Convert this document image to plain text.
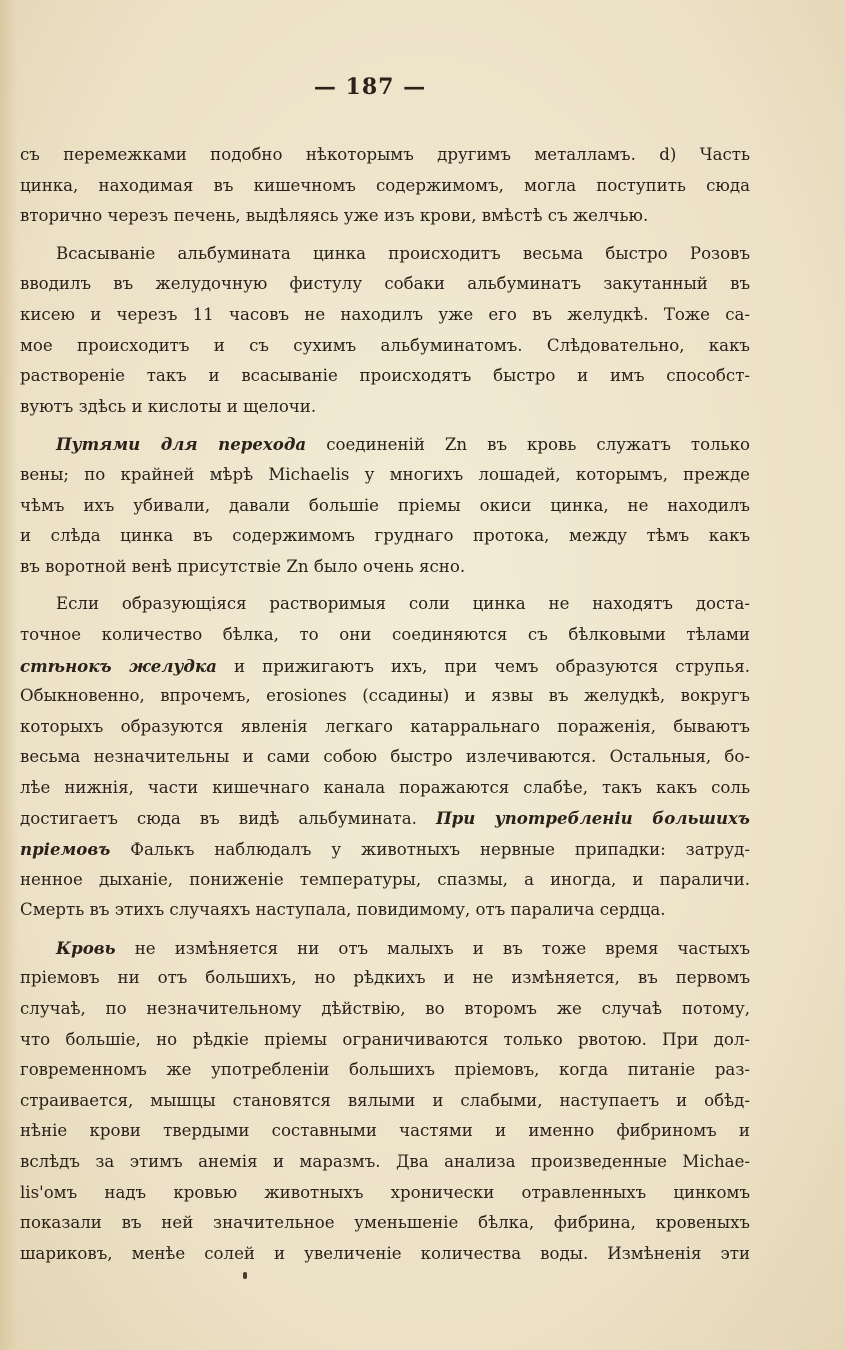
— 187 —

съ перемежками подобно нѣкоторымъ другимъ металламъ. d) Часть
цинка, находимая въ кишечномъ содержимомъ, могла поступить сюда
вторично черезъ печень, выдѣляясь уже изъ крови, вмѣстѣ съ желчью.

Всасываніе альбумината цинка происходитъ весьма быстро Розовъ
вводилъ въ желудочную фистулу собаки альбуминатъ закутанный въ
кисею и черезъ 11 часовъ не находилъ уже его въ желудкѣ. Тоже са-
мое происходитъ и съ сухимъ альбуминатомъ. Слѣдовательно, какъ
раствореніе такъ и всасываніе происходятъ быстро и имъ способст-
вуютъ здѣсь и кислоты и щелочи.

Путями для перехода соединеній Zn въ кровь служатъ только
вены; по крайней мѣрѣ Michaelis у многихъ лошадей, которымъ, прежде
чѣмъ ихъ убивали, давали большіе пріемы окиси цинка, не находилъ
и слѣда цинка въ содержимомъ груднаго протока, между тѣмъ какъ
въ воротной венѣ присутствіе Zn было очень ясно.

Если образующіяся растворимыя соли цинка не находятъ доста-
точное количество бѣлка, то они соединяются съ бѣлковыми тѣлами
стѣнокъ желудка и прижигаютъ ихъ, при чемъ образуются струпья.
Обыкновенно, впрочемъ, erosiones (ссадины) и язвы въ желудкѣ, вокругъ
которыхъ образуются явленія легкаго катарральнаго пораженія, бываютъ
весьма незначительны и сами собою быстро излечиваются. Остальныя, бо-
лѣе нижнія, части кишечнаго канала поражаются слабѣе, такъ какъ соль
достигаетъ сюда въ видѣ альбумината. При употребленіи большихъ
пріемовъ Фалькъ наблюдалъ у животныхъ нервные припадки: затруд-
ненное дыханіе, пониженіе температуры, спазмы, а иногда, и параличи.
Смерть въ этихъ случаяхъ наступала, повидимому, отъ паралича сердца.

Кровь не измѣняется ни отъ малыхъ и въ тоже время частыхъ
пріемовъ ни отъ большихъ, но рѣдкихъ и не измѣняется, въ первомъ
случаѣ, по незначительному дѣйствію, во второмъ же случаѣ потому,
что большіе, но рѣдкіе пріемы ограничиваются только рвотою. При дол-
говременномъ же употребленіи большихъ пріемовъ, когда питаніе раз-
страивается, мышцы становятся вялыми и слабыми, наступаетъ и обѣд-
нѣніе крови твердыми составными частями и именно фибриномъ и
вслѣдъ за этимъ анемія и маразмъ. Два анализа произведенные Michae-
lis'омъ надъ кровью животныхъ хронически отравленныхъ цинкомъ
показали въ ней значительное уменьшеніе бѣлка, фибрина, кровеныхъ
шариковъ, менѣе солей и увеличеніе количества воды. Измѣненія эти
